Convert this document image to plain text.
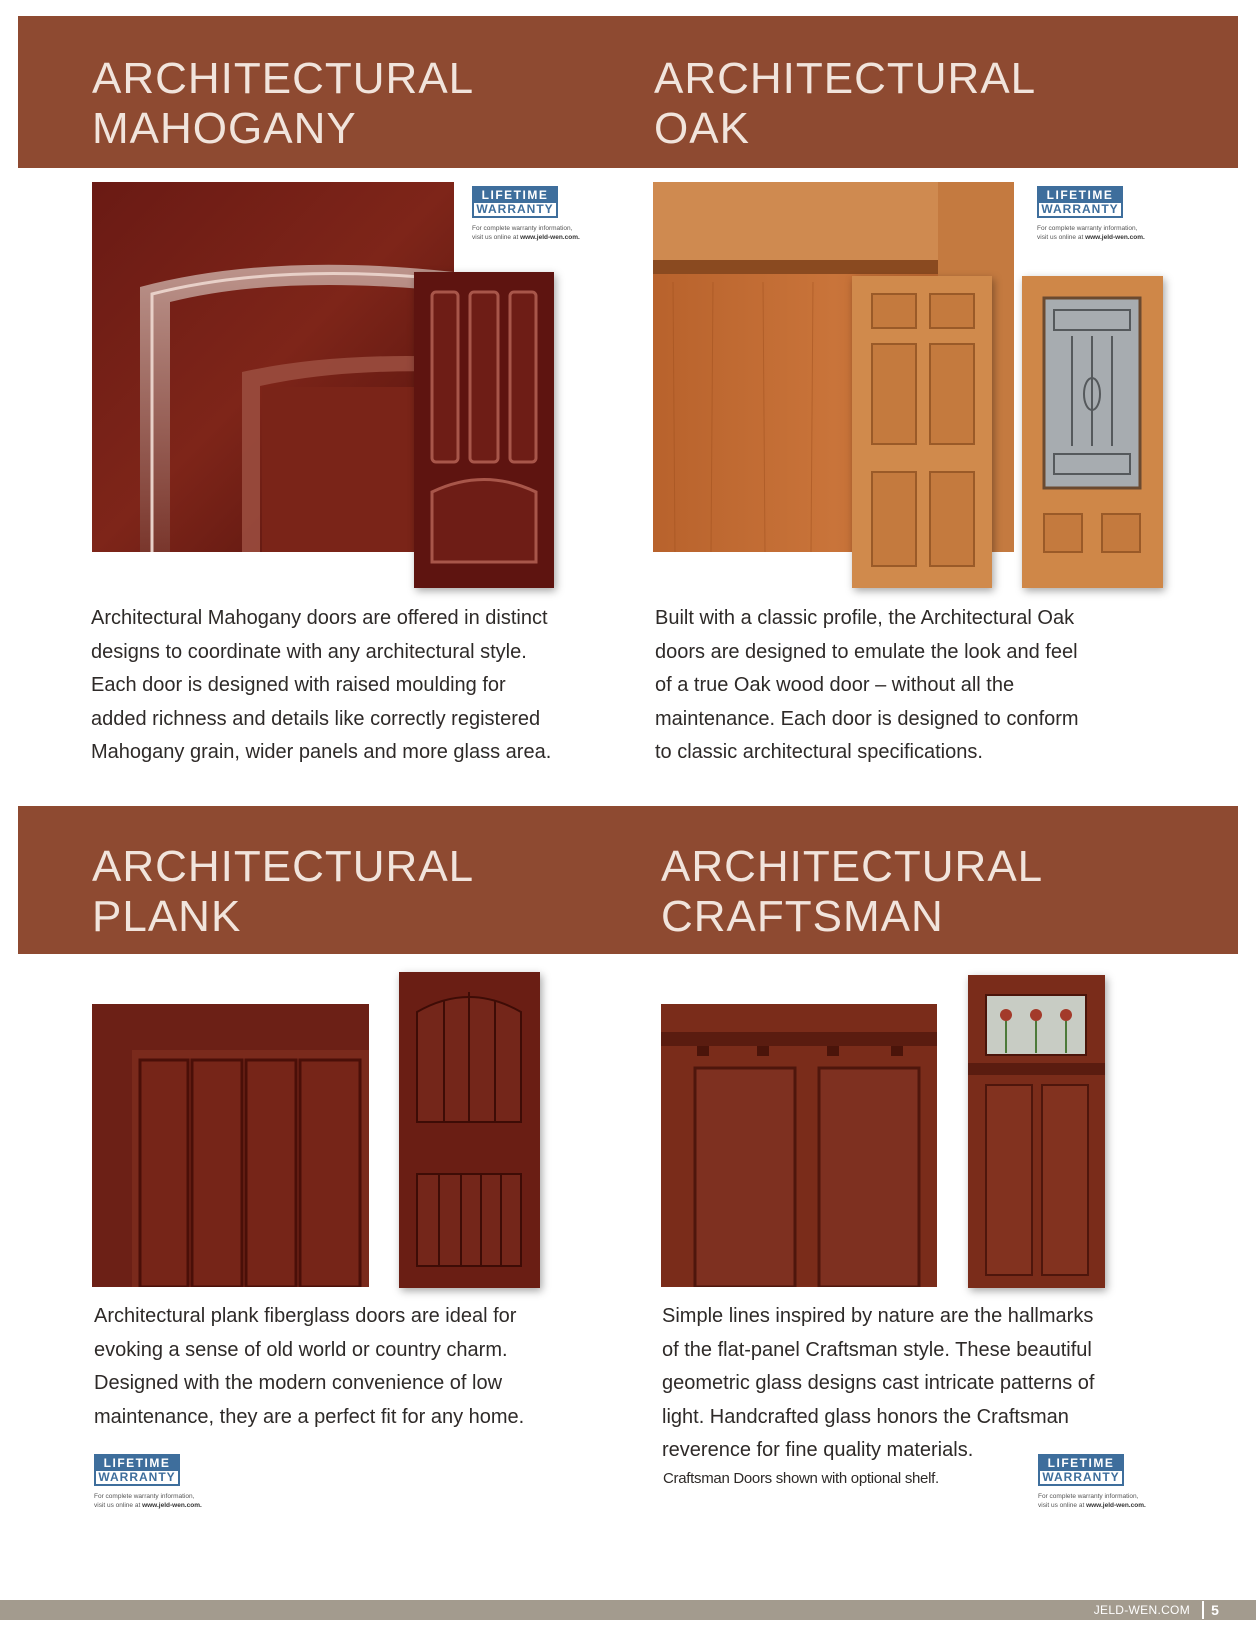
ARCHITECTURAL
MAHOGANY
ARCHITECTURAL
OAK
LIFETIME
WARRANTY
For complete warranty information,
visit us online at www.jeld-wen.com.
LIFETIME
WARRANTY
For complete warranty information,
visit us online at www.jeld-wen.com.

Architectural Mahogany doors are offered in distinct

designs to coordinate with any architectural style.

Each door is designed with raised moulding for

added richness and details like correctly registered

Mahogany grain, wider panels and more glass area.

Built with a classic profile, the Architectural Oak

doors are designed to emulate the look and feel

of a true Oak wood door – without all the

maintenance. Each door is designed to conform

to classic architectural specifications.

ARCHITECTURAL
PLANK
ARCHITECTURAL
CRAFTSMAN

Architectural plank fiberglass doors are ideal for

evoking a sense of old world or country charm.

Designed with the modern convenience of low

maintenance, they are a perfect fit for any home.

Simple lines inspired by nature are the hallmarks

of the flat-panel Craftsman style. These beautiful

geometric glass designs cast intricate patterns of

light. Handcrafted glass honors the Craftsman

reverence for fine quality materials.

Craftsman Doors shown with optional shelf.
LIFETIME
WARRANTY
For complete warranty information,
visit us online at www.jeld-wen.com.
LIFETIME
WARRANTY
For complete warranty information,
visit us online at www.jeld-wen.com.
JELD-WEN.COM	5
